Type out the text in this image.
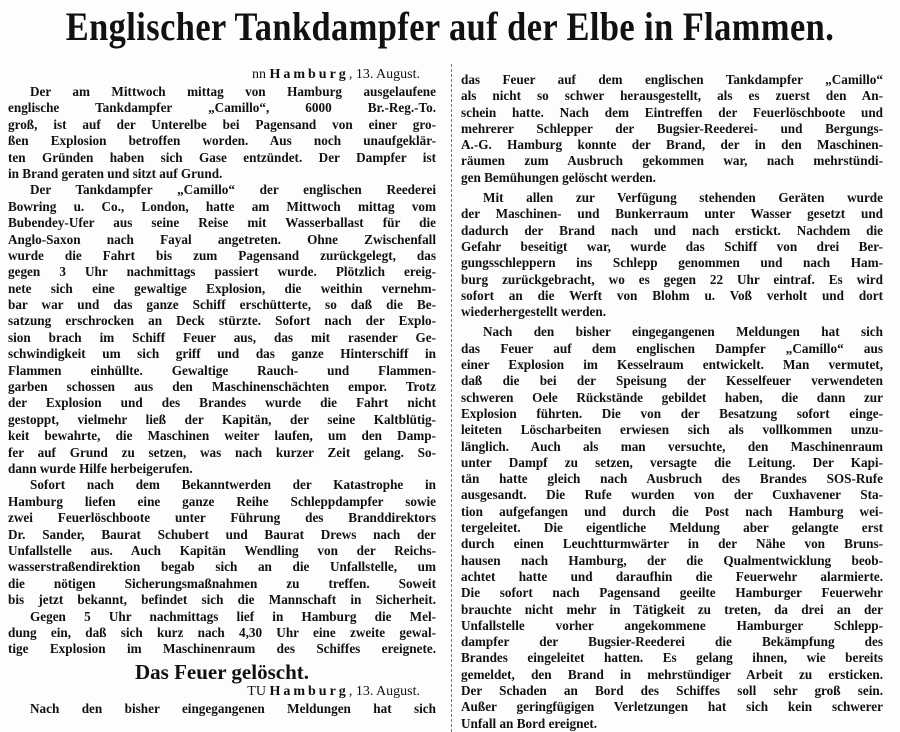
Englischer Tankdampfer auf der Elbe in Flammen.
nn Hamburg, 13. August.
Der am Mittwoch mittag von Hamburg ausgelaufene
englische Tankdampfer „Camillo“, 6000 Br.-Reg.-To.
groß, ist auf der Unterelbe bei Pagensand von einer gro-
ßen Explosion betroffen worden. Aus noch unaufgeklär-
ten Gründen haben sich Gase entzündet. Der Dampfer ist
in Brand geraten und sitzt auf Grund.
Der Tankdampfer „Camillo“ der englischen Reederei
Bowring u. Co., London, hatte am Mittwoch mittag vom
Bubendey-Ufer aus seine Reise mit Wasserballast für die
Anglo-Saxon nach Fayal angetreten. Ohne Zwischenfall
wurde die Fahrt bis zum Pagensand zurückgelegt, das
gegen 3 Uhr nachmittags passiert wurde. Plötzlich ereig-
nete sich eine gewaltige Explosion, die weithin vernehm-
bar war und das ganze Schiff erschütterte, so daß die Be-
satzung erschrocken an Deck stürzte. Sofort nach der Explo-
sion brach im Schiff Feuer aus, das mit rasender Ge-
schwindigkeit um sich griff und das ganze Hinterschiff in
Flammen einhüllte. Gewaltige Rauch- und Flammen-
garben schossen aus den Maschinenschächten empor. Trotz
der Explosion und des Brandes wurde die Fahrt nicht
gestoppt, vielmehr ließ der Kapitän, der seine Kaltblütig-
keit bewahrte, die Maschinen weiter laufen, um den Damp-
fer auf Grund zu setzen, was nach kurzer Zeit gelang. So-
dann wurde Hilfe herbeigerufen.
Sofort nach dem Bekanntwerden der Katastrophe in
Hamburg liefen eine ganze Reihe Schleppdampfer sowie
zwei Feuerlöschboote unter Führung des Branddirektors
Dr. Sander, Baurat Schubert und Baurat Drews nach der
Unfallstelle aus. Auch Kapitän Wendling von der Reichs-
wasserstraßendirektion begab sich an die Unfallstelle, um
die nötigen Sicherungsmaßnahmen zu treffen. Soweit
bis jetzt bekannt, befindet sich die Mannschaft in Sicherheit.
Gegen 5 Uhr nachmittags lief in Hamburg die Mel-
dung ein, daß sich kurz nach 4,30 Uhr eine zweite gewal-
tige Explosion im Maschinenraum des Schiffes ereignete.
Das Feuer gelöscht.
TU Hamburg, 13. August.
Nach den bisher eingegangenen Meldungen hat sich
das Feuer auf dem englischen Tankdampfer „Camillo“
als nicht so schwer herausgestellt, als es zuerst den An-
schein hatte. Nach dem Eintreffen der Feuerlöschboote und
mehrerer Schlepper der Bugsier-Reederei- und Bergungs-
A.-G. Hamburg konnte der Brand, der in den Maschinen-
räumen zum Ausbruch gekommen war, nach mehrstündi-
gen Bemühungen gelöscht werden.
Mit allen zur Verfügung stehenden Geräten wurde
der Maschinen- und Bunkerraum unter Wasser gesetzt und
dadurch der Brand nach und nach erstickt. Nachdem die
Gefahr beseitigt war, wurde das Schiff von drei Ber-
gungsschleppern ins Schlepp genommen und nach Ham-
burg zurückgebracht, wo es gegen 22 Uhr eintraf. Es wird
sofort an die Werft von Blohm u. Voß verholt und dort
wiederhergestellt werden.
Nach den bisher eingegangenen Meldungen hat sich
das Feuer auf dem englischen Dampfer „Camillo“ aus
einer Explosion im Kesselraum entwickelt. Man vermutet,
daß die bei der Speisung der Kesselfeuer verwendeten
schweren Oele Rückstände gebildet haben, die dann zur
Explosion führten. Die von der Besatzung sofort einge-
leiteten Löscharbeiten erwiesen sich als vollkommen unzu-
länglich. Auch als man versuchte, den Maschinenraum
unter Dampf zu setzen, versagte die Leitung. Der Kapi-
tän hatte gleich nach Ausbruch des Brandes SOS-Rufe
ausgesandt. Die Rufe wurden von der Cuxhavener Sta-
tion aufgefangen und durch die Post nach Hamburg wei-
tergeleitet. Die eigentliche Meldung aber gelangte erst
durch einen Leuchtturmwärter in der Nähe von Bruns-
hausen nach Hamburg, der die Qualmentwicklung beob-
achtet hatte und daraufhin die Feuerwehr alarmierte.
Die sofort nach Pagensand geeilte Hamburger Feuerwehr
brauchte nicht mehr in Tätigkeit zu treten, da drei an der
Unfallstelle vorher angekommene Hamburger Schlepp-
dampfer der Bugsier-Reederei die Bekämpfung des
Brandes eingeleitet hatten. Es gelang ihnen, wie bereits
gemeldet, den Brand in mehrstündiger Arbeit zu ersticken.
Der Schaden an Bord des Schiffes soll sehr groß sein.
Außer geringfügigen Verletzungen hat sich kein schwerer
Unfall an Bord ereignet.
